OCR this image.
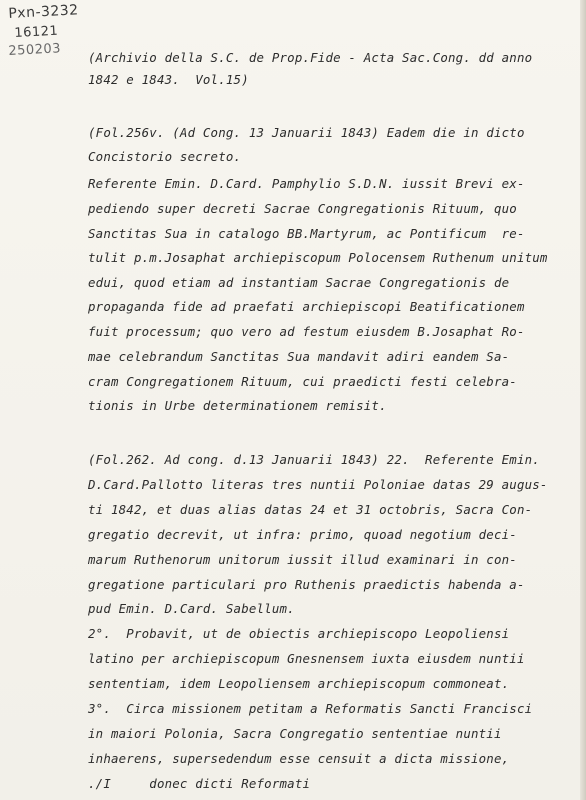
Pxn-3232
16121
250203 (Archivio della S.C. de Prop.Fide - Acta Sac.Cong. dd anno
1842 e 1843.  Vol.15)
(Fol.256v. (Ad Cong. 13 Januarii 1843) Eadem die in dicto
Concistorio secreto.
Referente Emin. D.Card. Pamphylio S.D.N. iussit Brevi ex-
pediendo super decreti Sacrae Congregationis Rituum, quo
Sanctitas Sua in catalogo BB.Martyrum, ac Pontificum  re-
tulit p.m.Josaphat archiepiscopum Polocensem Ruthenum unitum
edui, quod etiam ad instantiam Sacrae Congregationis de
propaganda fide ad praefati archiepiscopi Beatificationem
fuit processum; quo vero ad festum eiusdem B.Josaphat Ro-
mae celebrandum Sanctitas Sua mandavit adiri eandem Sa-
cram Congregationem Rituum, cui praedicti festi celebra-
tionis in Urbe determinationem remisit.
(Fol.262. Ad cong. d.13 Januarii 1843) 22.  Referente Emin.
D.Card.Pallotto literas tres nuntii Poloniae datas 29 augus-
ti 1842, et duas alias datas 24 et 31 octobris, Sacra Con-
gregatio decrevit, ut infra: primo, quoad negotium deci-
marum Ruthenorum unitorum iussit illud examinari in con-
gregatione particulari pro Ruthenis praedictis habenda a-
pud Emin. D.Card. Sabellum.
2°.  Probavit, ut de obiectis archiepiscopo Leopoliensi
latino per archiepiscopum Gnesnensem iuxta eiusdem nuntii
sententiam, idem Leopoliensem archiepiscopum commoneat.
3°.  Circa missionem petitam a Reformatis Sancti Francisci
in maiori Polonia, Sacra Congregatio sententiae nuntii
inhaerens, supersedendum esse censuit a dicta missione,
./I     donec dicti Reformati
